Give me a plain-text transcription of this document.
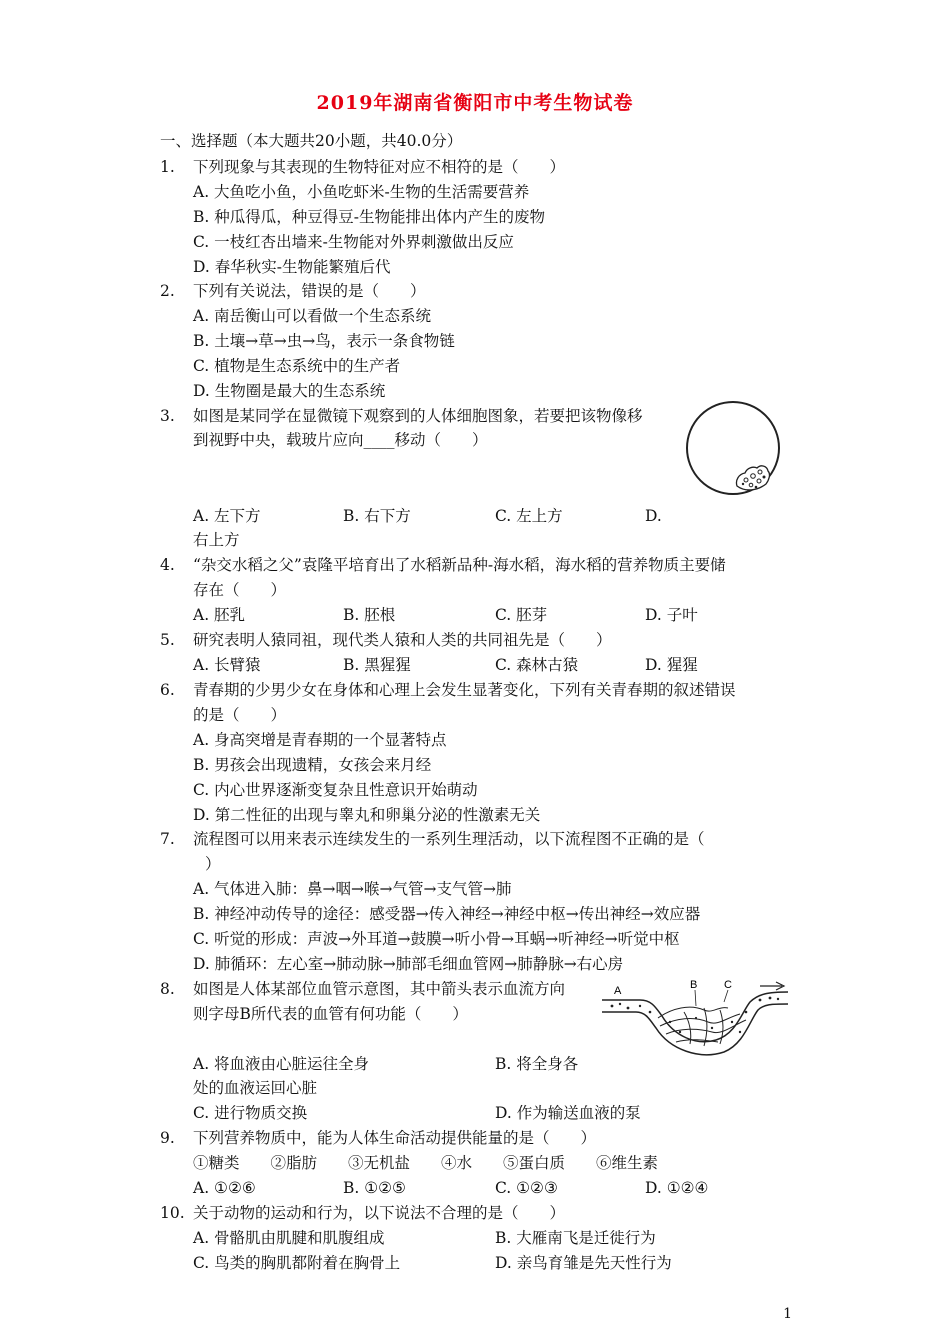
2019年湖南省衡阳市中考生物试卷
一、选择题（本大题共20小题，共40.0分）
1. 下列现象与其表现的生物特征对应不相符的是（　　）
A. 大鱼吃小鱼，小鱼吃虾米-生物的生活需要营养
B. 种瓜得瓜，种豆得豆-生物能排出体内产生的废物
C. 一枝红杏出墙来-生物能对外界刺激做出反应
D. 春华秋实-生物能繁殖后代
2. 下列有关说法，错误的是（　　）
A. 南岳衡山可以看做一个生态系统
B. 土壤→草→虫→鸟，表示一条食物链
C. 植物是生态系统中的生产者
D. 生物圈是最大的生态系统
3. 如图是某同学在显微镜下观察到的人体细胞图象，若要把该物像移
到视野中央，载玻片应向____移动（　　）
A. 左下方	B. 右下方	C. 左上方	D.
右上方
4. “杂交水稻之父”袁隆平培育出了水稻新品种-海水稻，海水稻的营养物质主要储
存在（　　）
A. 胚乳	B. 胚根	C. 胚芽	D. 子叶
5. 研究表明人猿同祖，现代类人猿和人类的共同祖先是（　　）
A. 长臂猿	B. 黑猩猩	C. 森林古猿	D. 猩猩
6. 青春期的少男少女在身体和心理上会发生显著变化，下列有关青春期的叙述错误
的是（　　）
A. 身高突增是青春期的一个显著特点
B. 男孩会出现遗精，女孩会来月经
C. 内心世界逐渐变复杂且性意识开始萌动
D. 第二性征的出现与睾丸和卵巢分泌的性激素无关
7. 流程图可以用来表示连续发生的一系列生理活动，以下流程图不正确的是（
）
A. 气体进入肺：鼻→咽→喉→气管→支气管→肺
B. 神经冲动传导的途径：感受器→传入神经→神经中枢→传出神经→效应器
C. 听觉的形成：声波→外耳道→鼓膜→听小骨→耳蜗→听神经→听觉中枢
D. 肺循环：左心室→肺动脉→肺部毛细血管网→肺静脉→右心房
8. 如图是人体某部位血管示意图，其中箭头表示血流方向
则字母B所代表的血管有何功能（　　）
A	B C
A. 将血液由心脏运往全身	B. 将全身各
处的血液运回心脏
C. 进行物质交换	D. 作为输送血液的泵
9. 下列营养物质中，能为人体生命活动提供能量的是（　　）
①糖类　　②脂肪　　③无机盐　　④水　　⑤蛋白质　　⑥维生素
A. ①②⑥	B. ①②⑤	C. ①②③	D. ①②④
10. 关于动物的运动和行为，以下说法不合理的是（　　）
A. 骨骼肌由肌腱和肌腹组成	B. 大雁南飞是迁徙行为
C. 鸟类的胸肌都附着在胸骨上	D. 亲鸟育雏是先天性行为
1
